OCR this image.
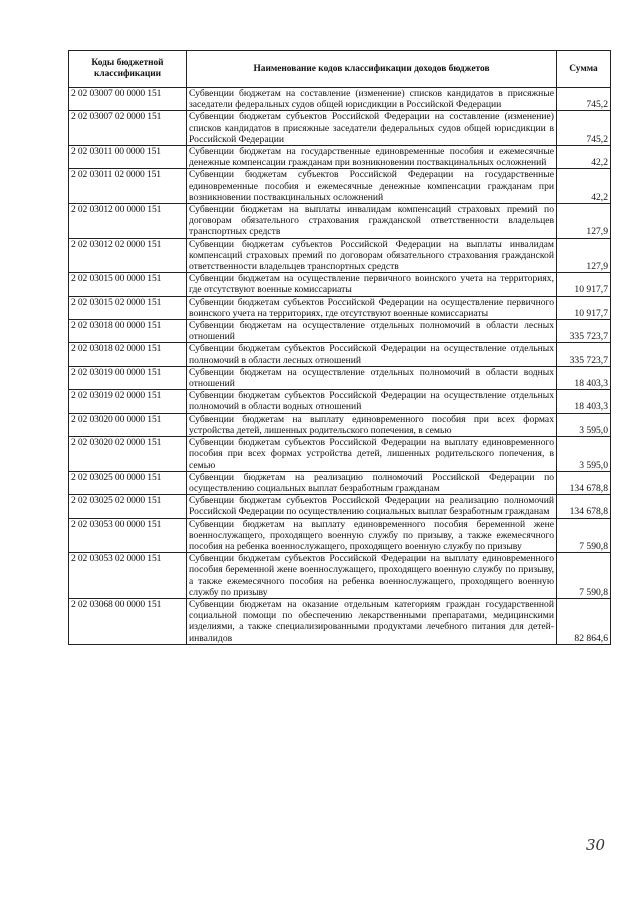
Коды бюджетной классификации	Наименование кодов классификации доходов бюджетов	Сумма
2 02 03007 00 0000 151	Субвенции бюджетам на составление (изменение) списков кандидатов в присяжные заседатели федеральных судов общей юрисдикции в Российской Федерации	745,2
2 02 03007 02 0000 151	Субвенции бюджетам субъектов Российской Федерации на составление (изменение) списков кандидатов в присяжные заседатели федеральных судов общей юрисдикции в Российской Федерации	745,2
2 02 03011 00 0000 151	Субвенции бюджетам на государственные единовременные пособия и ежемесячные денежные компенсации гражданам при возникновении поствакцинальных осложнений	42,2
2 02 03011 02 0000 151	Субвенции бюджетам субъектов Российской Федерации на государственные единовременные пособия и ежемесячные денежные компенсации гражданам при возникновении поствакцинальных осложнений	42,2
2 02 03012 00 0000 151	Субвенции бюджетам на выплаты инвалидам компенсаций страховых премий по договорам обязательного страхования гражданской ответственности владельцев транспортных средств	127,9
2 02 03012 02 0000 151	Субвенции бюджетам субъектов Российской Федерации на выплаты инвалидам компенсаций страховых премий по договорам обязательного страхования гражданской ответственности владельцев транспортных средств	127,9
2 02 03015 00 0000 151	Субвенции бюджетам на осуществление первичного воинского учета на территориях, где отсутствуют военные комиссариаты	10 917,7
2 02 03015 02 0000 151	Субвенции бюджетам субъектов Российской Федерации на осуществление первичного воинского учета на территориях, где отсутствуют военные комиссариаты	10 917,7
2 02 03018 00 0000 151	Субвенции бюджетам на осуществление отдельных полномочий в области лесных отношений	335 723,7
2 02 03018 02 0000 151	Субвенции бюджетам субъектов Российской Федерации на осуществление отдельных полномочий в области лесных отношений	335 723,7
2 02 03019 00 0000 151	Субвенции бюджетам на осуществление отдельных полномочий в области водных отношений	18 403,3
2 02 03019 02 0000 151	Субвенции бюджетам субъектов Российской Федерации на осуществление отдельных полномочий в области водных отношений	18 403,3
2 02 03020 00 0000 151	Субвенции бюджетам на выплату единовременного пособия при всех формах устройства детей, лишенных родительского попечения, в семью	3 595,0
2 02 03020 02 0000 151	Субвенции бюджетам субъектов Российской Федерации на выплату единовременного пособия при всех формах устройства детей, лишенных родительского попечения, в семью	3 595,0
2 02 03025 00 0000 151	Субвенции бюджетам на реализацию полномочий Российской Федерации по осуществлению социальных выплат безработным гражданам	134 678,8
2 02 03025 02 0000 151	Субвенции бюджетам субъектов Российской Федерации на реализацию полномочий Российской Федерации по осуществлению социальных выплат безработным гражданам	134 678,8
2 02 03053 00 0000 151	Субвенции бюджетам на выплату единовременного пособия беременной жене военнослужащего, проходящего военную службу по призыву, а также ежемесячного пособия на ребенка военнослужащего, проходящего военную службу по призыву	7 590,8
2 02 03053 02 0000 151	Субвенции бюджетам субъектов Российской Федерации на выплату единовременного пособия беременной жене военнослужащего, проходящего военную службу по призыву, а также ежемесячного пособия на ребенка военнослужащего, проходящего военную службу по призыву	7 590,8
2 02 03068 00 0000 151	Субвенции бюджетам на оказание отдельным категориям граждан государственной социальной помощи по обеспечению лекарственными препаратами, медицинскими изделиями, а также специализированными продуктами лечебного питания для детей-инвалидов	82 864,6
30
